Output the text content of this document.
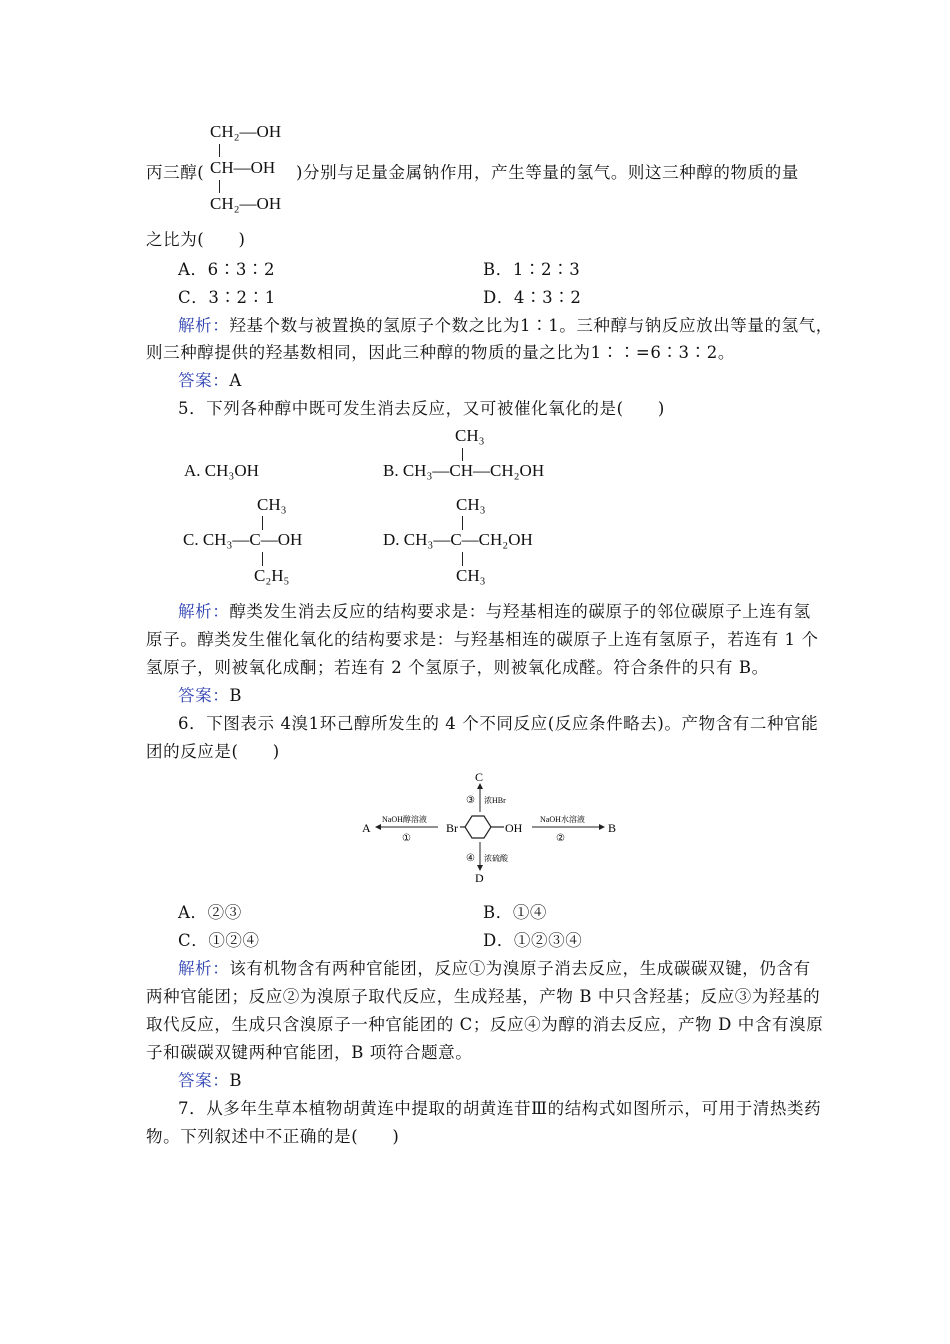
CH₂—OH
丙三醇( CH—OH )分别与足量金属钠作用，产生等量的氢气。则这三种醇的物质的量
CH₂—OH
之比为(　　)
A．6∶3∶2	B．1∶2∶3
C．3∶2∶1	D．4∶3∶2
解析：羟基个数与被置换的氢原子个数之比为1∶1。三种醇与钠反应放出等量的氢气，
则三种醇提供的羟基数相同，因此三种醇的物质的量之比为1∶∶=6∶3∶2。
答案：A
5．下列各种醇中既可发生消去反应，又可被催化氧化的是(　　)
A. CH₃OH
CH₃
B. CH₃—CH—CH₂OH
CH₃
C. CH₃—C—OH
C₂H₅
CH₃
D. CH₃—C—CH₂OH
CH₃
解析：醇类发生消去反应的结构要求是：与羟基相连的碳原子的邻位碳原子上连有氢
原子。醇类发生催化氧化的结构要求是：与羟基相连的碳原子上连有氢原子，若连有 1 个
氢原子，则被氧化成酮；若连有 2 个氢原子，则被氧化成醛。符合条件的只有 B。
答案：B
6．下图表示 4溴1环己醇所发生的 4 个不同反应(反应条件略去)。产物含有二种官能
团的反应是(　　)
Br	OH
A
NaOH醇溶液
①
B
NaOH水溶液
②
C
③ 浓HBr
D
④ 浓硫酸
A．②③	B．①④
C．①②④	D．①②③④
解析：该有机物含有两种官能团，反应①为溴原子消去反应，生成碳碳双键，仍含有
两种官能团；反应②为溴原子取代反应，生成羟基，产物 B 中只含羟基；反应③为羟基的
取代反应，生成只含溴原子一种官能团的 C；反应④为醇的消去反应，产物 D 中含有溴原
子和碳碳双键两种官能团，B 项符合题意。
答案：B
7．从多年生草本植物胡黄连中提取的胡黄连苷Ⅲ的结构式如图所示，可用于清热类药
物。下列叙述中不正确的是(　　)
